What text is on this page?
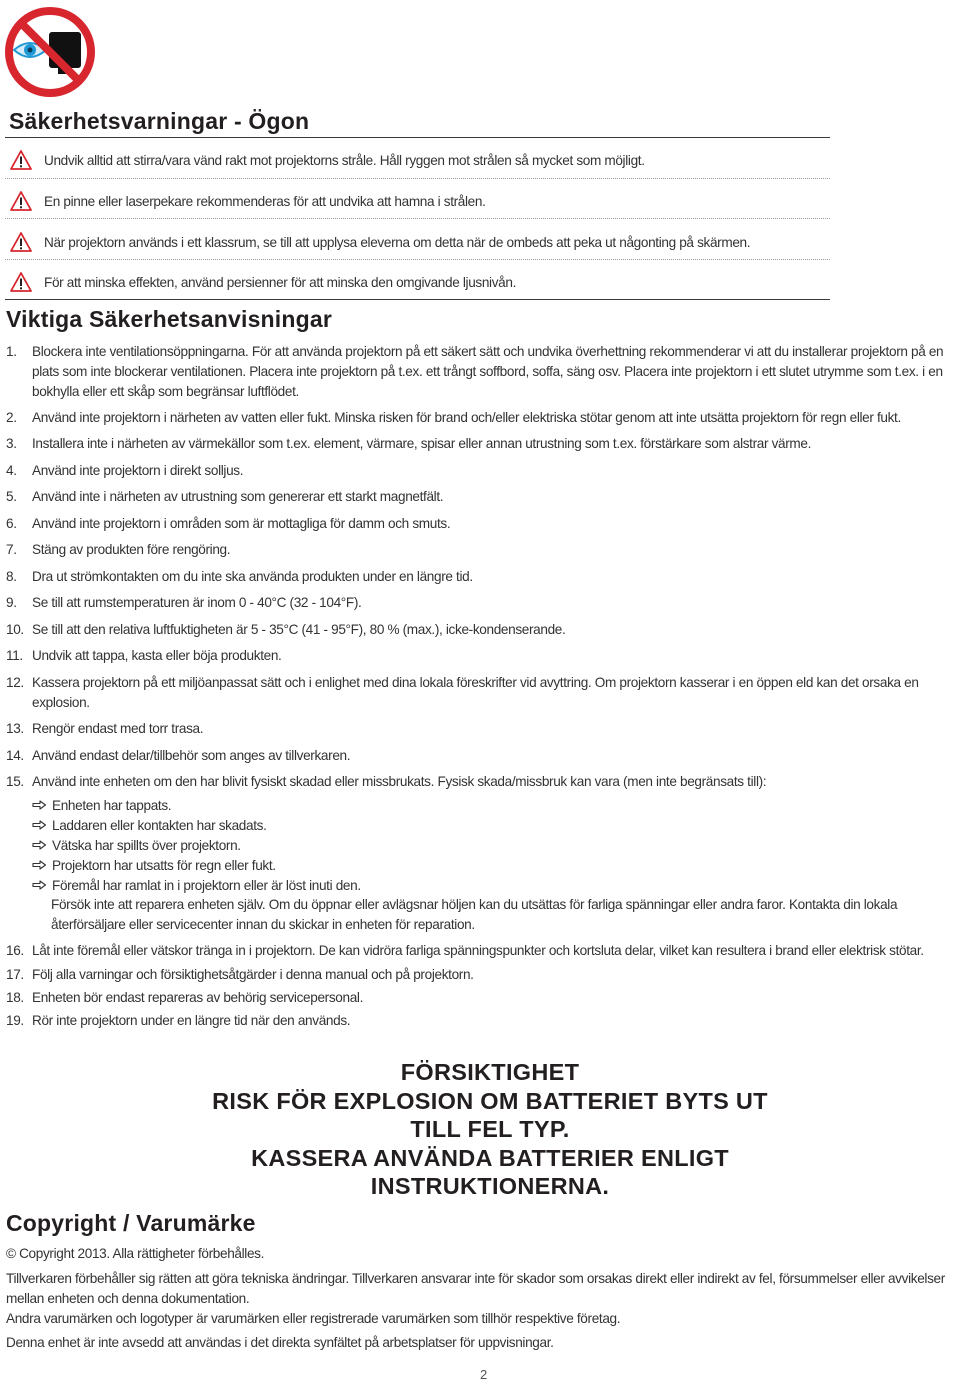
Säkerhetsvarningar - Ögon
Undvik alltid att stirra/vara vänd rakt mot projektorns stråle. Håll ryggen mot strålen så mycket som möjligt.
En pinne eller laserpekare rekommenderas för att undvika att hamna i strålen.
När projektorn används i ett klassrum, se till att upplysa eleverna om detta när de ombeds att peka ut någonting på skärmen.
För att minska effekten, använd persienner för att minska den omgivande ljusnivån.
Viktiga Säkerhetsanvisningar
1.	Blockera inte ventilationsöppningarna. För att använda projektorn på ett säkert sätt och undvika överhettning rekommenderar vi att du installerar projektorn på en plats som inte blockerar ventilationen. Placera inte projektorn på t.ex. ett trångt soffbord, soffa, säng osv. Placera inte projektorn i ett slutet utrymme som t.ex. i en bokhylla eller ett skåp som begränsar luftflödet.
2.	Använd inte projektorn i närheten av vatten eller fukt. Minska risken för brand och/eller elektriska stötar genom att inte utsätta projektorn för regn eller fukt.
3.	Installera inte i närheten av värmekällor som t.ex. element, värmare, spisar eller annan utrustning som t.ex. förstärkare som alstrar värme.
4.	Använd inte projektorn i direkt solljus.
5.	Använd inte i närheten av utrustning som genererar ett starkt magnetfält.
6.	Använd inte projektorn i områden som är mottagliga för damm och smuts.
7.	Stäng av produkten före rengöring.
8.	Dra ut strömkontakten om du inte ska använda produkten under en längre tid.
9.	Se till att rumstemperaturen är inom 0 - 40°C (32 - 104°F).
10. Se till att den relativa luftfuktigheten är 5 - 35°C (41 - 95°F), 80 % (max.), icke-kondenserande.
11. Undvik att tappa, kasta eller böja produkten.
12. Kassera projektorn på ett miljöanpassat sätt och i enlighet med dina lokala föreskrifter vid avyttring. Om projektorn kasserar i en öppen eld kan det orsaka en explosion.
13. Rengör endast med torr trasa.
14. Använd endast delar/tillbehör som anges av tillverkaren.
15. Använd inte enheten om den har blivit fysiskt skadad eller missbrukats. Fysisk skada/missbruk kan vara (men inte begränsats till):
Enheten har tappats.
Laddaren eller kontakten har skadats.
Vätska har spillts över projektorn.
Projektorn har utsatts för regn eller fukt.
Föremål har ramlat in i projektorn eller är löst inuti den.
Försök inte att reparera enheten själv. Om du öppnar eller avlägsnar höljen kan du utsättas för farliga spänningar eller andra faror. Kontakta din lokala återförsäljare eller servicecenter innan du skickar in enheten för reparation.
16. Låt inte föremål eller vätskor tränga in i projektorn. De kan vidröra farliga spänningspunkter och kortsluta delar, vilket kan resultera i brand eller elektrisk stötar.
17. Följ alla varningar och försiktighetsåtgärder i denna manual och på projektorn.
18. Enheten bör endast repareras av behörig servicepersonal.
19. Rör inte projektorn under en längre tid när den används.
FÖRSIKTIGHET
RISK FÖR EXPLOSION OM BATTERIET BYTS UT
TILL FEL TYP.
KASSERA ANVÄNDA BATTERIER ENLIGT
INSTRUKTIONERNA.
Copyright / Varumärke
© Copyright 2013. Alla rättigheter förbehålles.
Tillverkaren förbehåller sig rätten att göra tekniska ändringar. Tillverkaren ansvarar inte för skador som orsakas direkt eller indirekt av fel, försummelser eller avvikelser mellan enheten och denna dokumentation.
Andra varumärken och logotyper är varumärken eller registrerade varumärken som tillhör respektive företag.
Denna enhet är inte avsedd att användas i det direkta synfältet på arbetsplatser för uppvisningar.
2
